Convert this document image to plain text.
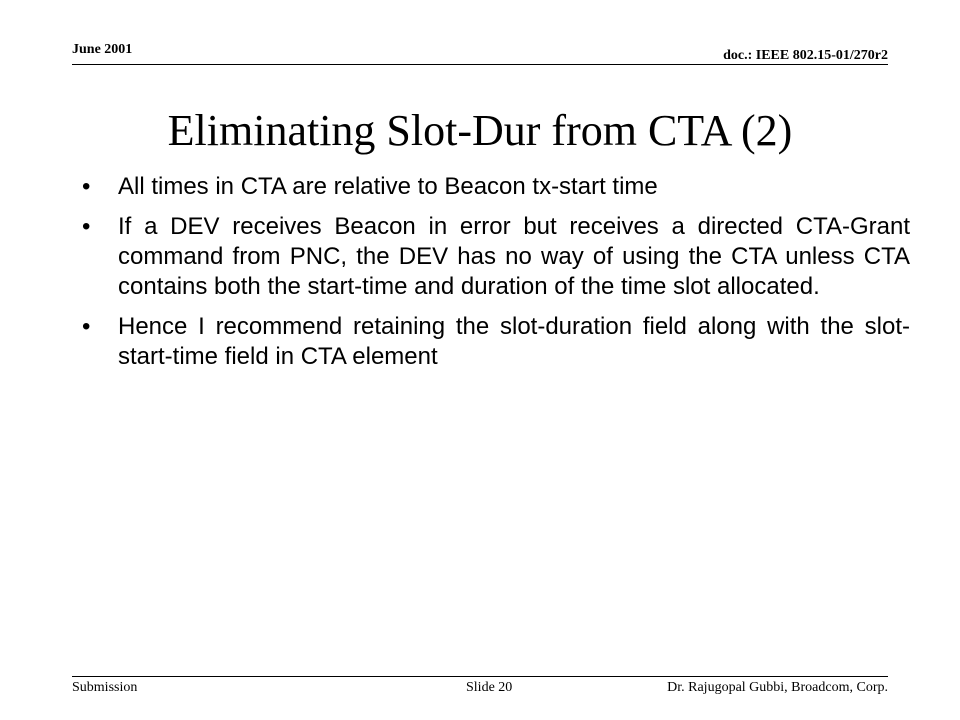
June 2001	doc.: IEEE 802.15-01/270r2
Eliminating Slot-Dur from CTA (2)
•	All times in CTA are relative to Beacon tx-start time
•	If a DEV receives Beacon in error but receives a directed CTA-Grant command from PNC, the DEV has no way of using the CTA unless CTA contains both the start-time and duration of the time slot allocated.
•	Hence I recommend retaining the slot-duration field along with the slot-start-time field in CTA element
Submission	Slide 20	Dr. Rajugopal Gubbi, Broadcom, Corp.
